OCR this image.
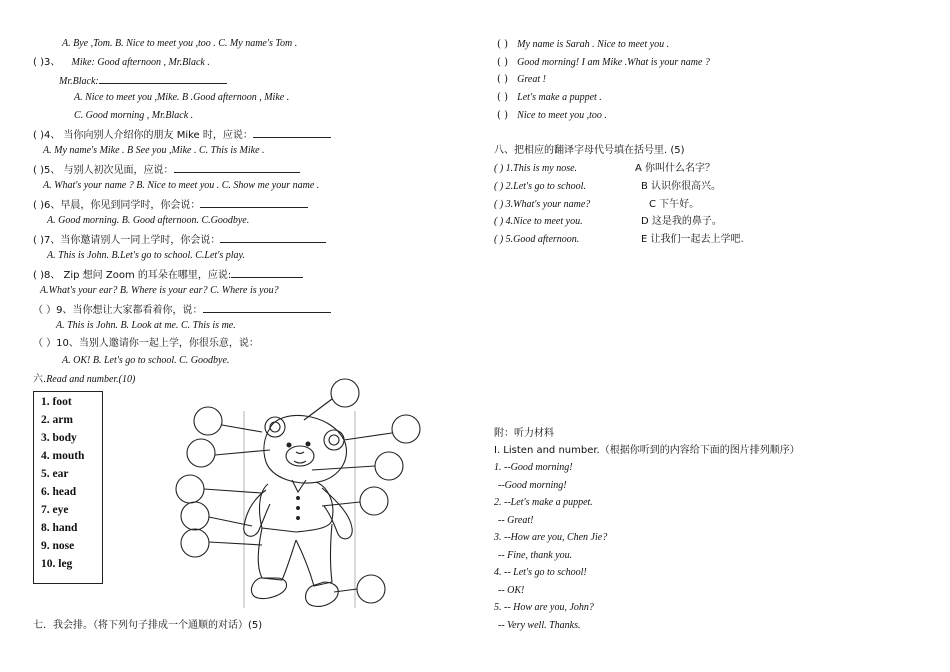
A. Bye ,Tom. B. Nice to meet you ,too . C. My name's Tom .
( )3、 Mike: Good afternoon , Mr.Black .
Mr.Black:
A. Nice to meet you ,Mike. B .Good afternoon , Mike .
C. Good morning , Mr.Black .
( )4、 当你向别人介绍你的朋友 Mike 时，应说：
A. My name's Mike . B See you ,Mike . C. This is Mike .
( )5、 与别人初次见面，应说：
A. What's your name ? B. Nice to meet you . C. Show me your name .
( )6、早晨，你见到同学时，你会说：
A. Good morning. B. Good afternoon. C.Goodbye.
( )7、当你邀请别人一同上学时，你会说：
A. This is John. B.Let's go to school. C.Let's play.
( )8、 Zip 想问 Zoom 的耳朵在哪里，应说:
A.What's your ear? B. Where is your ear? C. Where is you?
（ ）9、当你想让大家都看着你，说：
A. This is John. B. Look at me. C. This is me.
（ ）10、当别人邀请你一起上学，你很乐意，说：
A. OK! B. Let's go to school. C. Goodbye.
六.Read and number.(10)
1. foot
2. arm
3. body
4. mouth
5. ear
6. head
7. eye
8. hand
9. nose
10. leg
七．我会排。（将下列句子排成一个通顺的对话）(5)
( ) My name is Sarah . Nice to meet you .
( ) Good morning! I am Mike .What is your name ?
( ) Great !
( ) Let's make a puppet .
( ) Nice to meet you ,too .
八、把相应的翻译字母代号填在括号里. (5)
( ) 1.This is my nose.
( ) 2.Let's go to school.
( ) 3.What's your name?
( ) 4.Nice to meet you.
( ) 5.Good afternoon.
A 你叫什么名字？
B 认识你很高兴。
C 下午好。
D 这是我的鼻子。
E 让我们一起去上学吧.
附：听力材料
I. Listen and number.（根据你听到的内容给下面的图片排列顺序）
1. --Good morning!
--Good morning!
2. --Let's make a puppet.
-- Great!
3. --How are you, Chen Jie?
-- Fine, thank you.
4. -- Let's go to school!
-- OK!
5. -- How are you, John?
-- Very well. Thanks.
